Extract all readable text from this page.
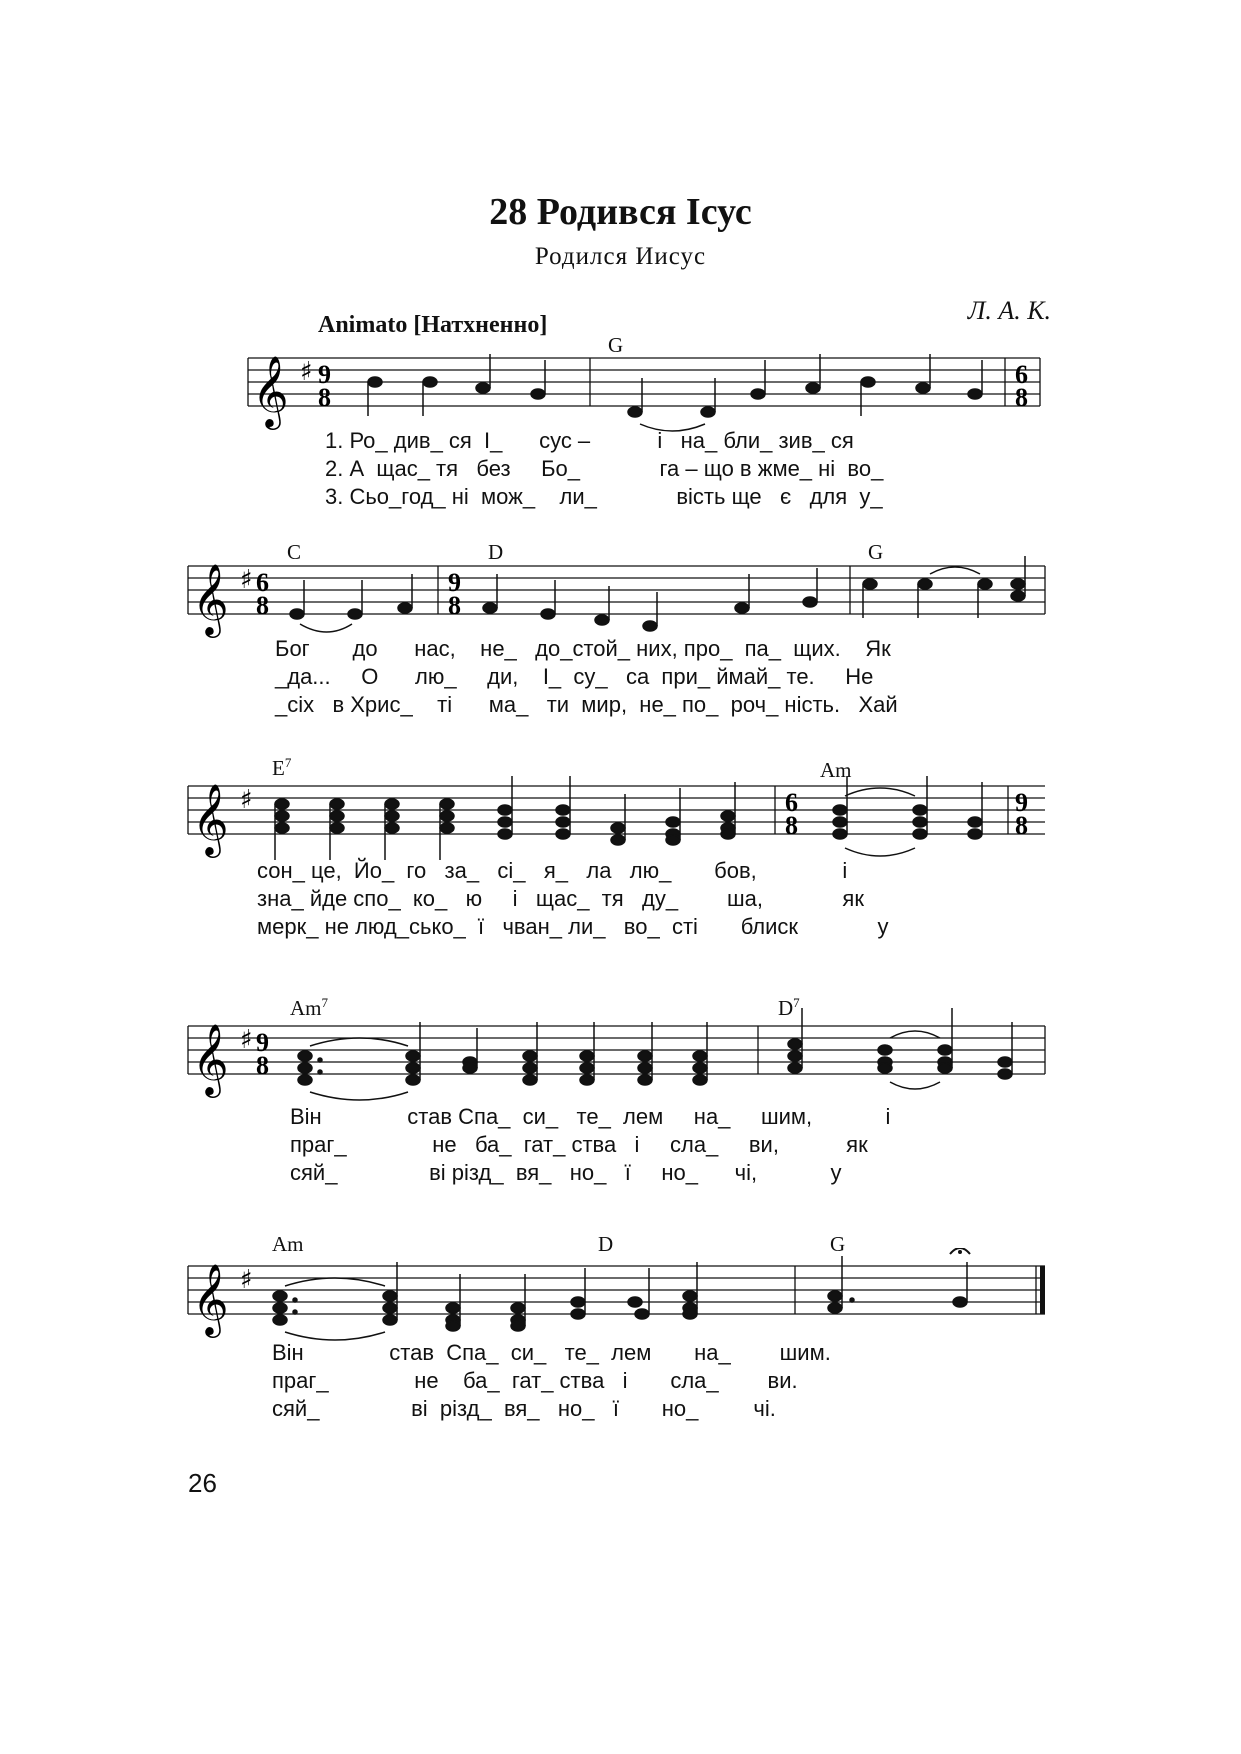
28 Родився Ісус
Родился Иисус
Animato [Натхненно]	Л. А. К.
G
𝄞 ♯ 9
8
6
8
1. Ро_ див_ ся  І_      сус –           і   на_ бли_ зив_ ся
2. А  щас_ тя   без     Бо_             га – що в жме_ ні  во_
3. Сьо_год_ ні  мож_    ли_             вість ще   є   для  у_
C	D	G
𝄞 ♯ 6
8
9
8
Бог       до      нас,    не_   до_стой_ них, про_  па_  щих.    Як
_да...     О      лю_     ди,    І_  су_   са  при_ ймай_ те.     Не
_сіх   в Хрис_    ті      ма_   ти  мир,  не_ по_  роч_ ність.   Хай
$E^7$	Am
𝄞 ♯	6
8
9
8
сон_ це,  Йо_  го   за_   сі_   я_   ла   лю_       бов,              і
зна_ йде спо_  ко_   ю     і   щас_  тя   ду_        ша,             як
мерк_ не люд_сько_  ї   чван_ ли_   во_  сті       блиск             у
Am$^7$	$D^7$
𝄞 ♯ 9
8
Він              став Спа_  си_   те_  лем     на_     шим,            і
праг_              не   ба_  гат_ ства   і     сла_     ви,           як
сяй_               ві різд_  вя_   но_   ї     но_      чі,            у
Am	D	G
𝄞 ♯
Він              став  Спа_  си_   те_  лем       на_        шим.
праг_              не    ба_  гат_ ства   і       сла_        ви.
сяй_               ві  різд_  вя_   но_   ї       но_         чі.
26
